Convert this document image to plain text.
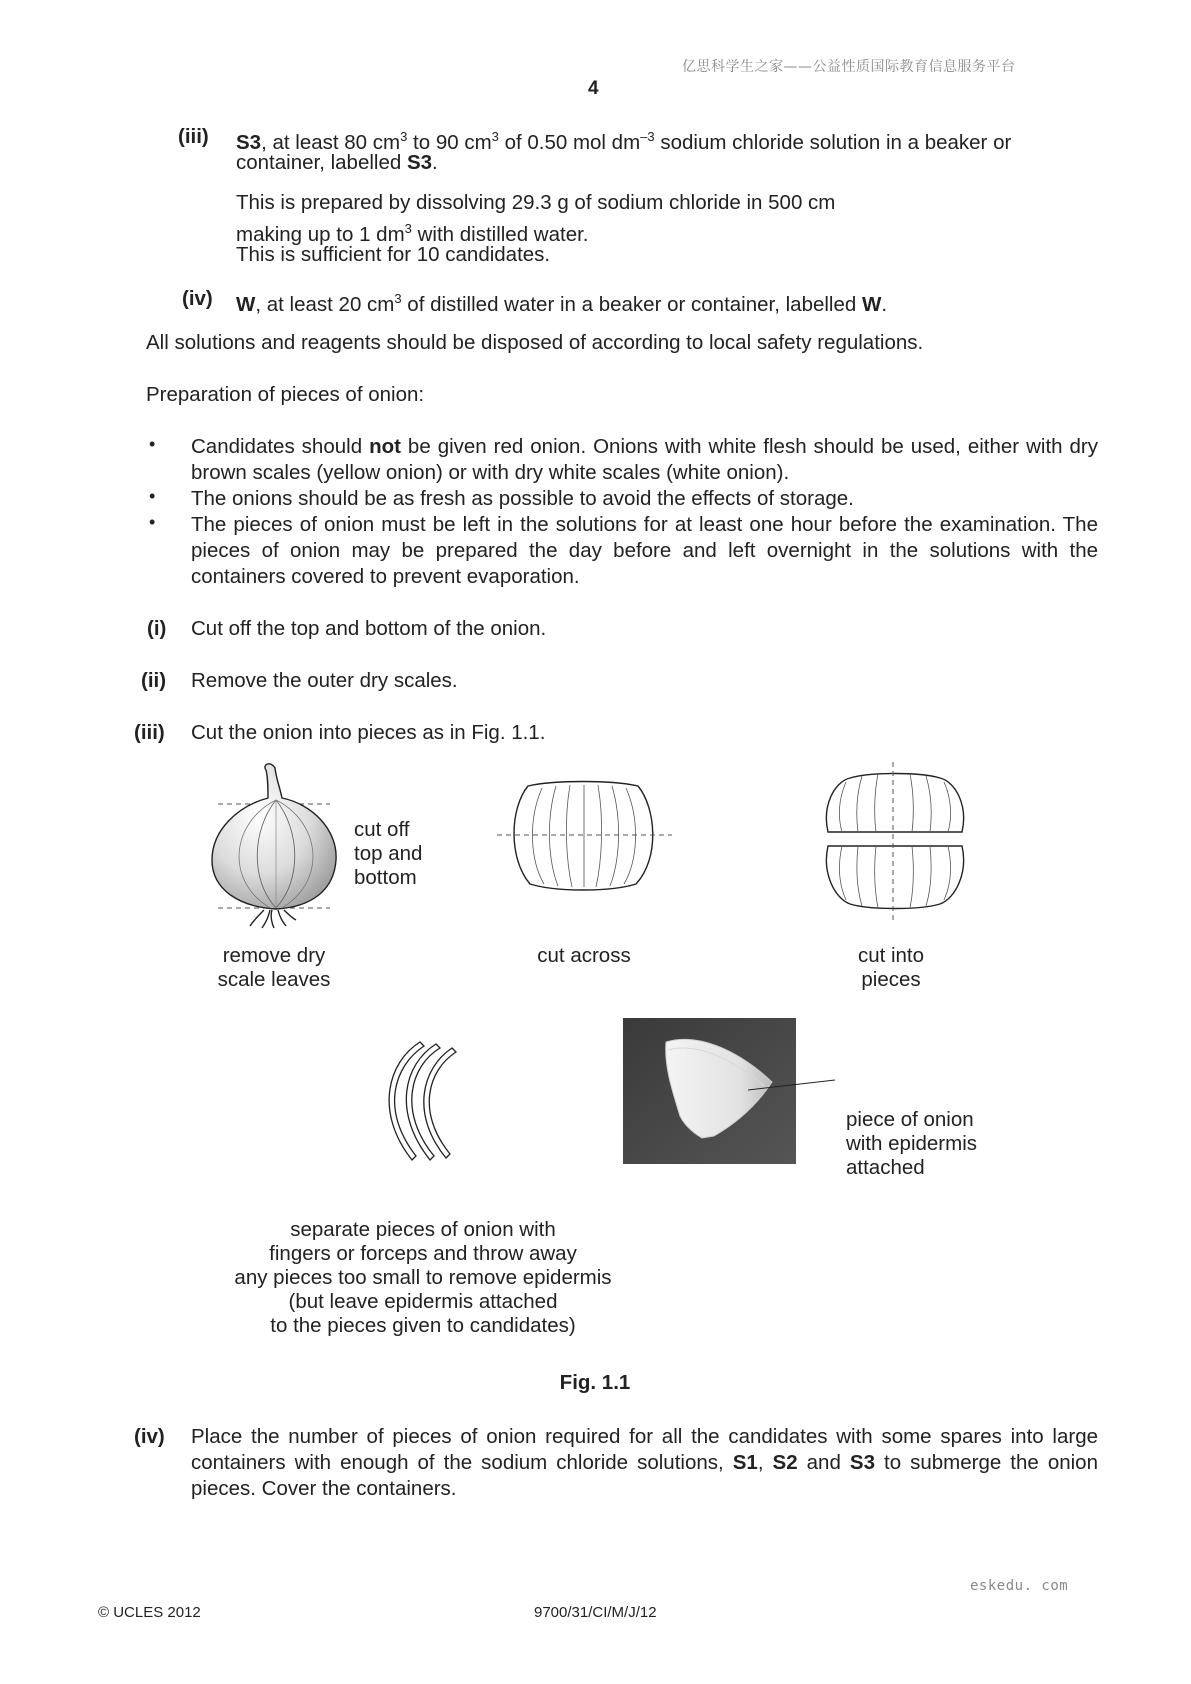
亿思科学生之家——公益性质国际教育信息服务平台
4
(iii) S3, at least 80 $cm^3$ to 90 $cm^3$ of 0.50 mol $dm^{-3}$ sodium chloride solution in a beaker or
container, labelled S3.
This is prepared by dissolving 29.3 g of sodium chloride in 500 cm
making up to 1 $dm^3$ with distilled water.
This is sufficient for 10 candidates.
(iv) W, at least 20 $cm^3$ of distilled water in a beaker or container, labelled W.
All solutions and reagents should be disposed of according to local safety regulations.
Preparation of pieces of onion:
• Candidates should not be given red onion. Onions with white flesh should be used, either with dry brown scales (yellow onion) or with dry white scales (white onion).
• The onions should be as fresh as possible to avoid the effects of storage.
• The pieces of onion must be left in the solutions for at least one hour before the examination. The pieces of onion may be prepared the day before and left overnight in the solutions with the containers covered to prevent evaporation.
(i) Cut off the top and bottom of the onion.
(ii) Remove the outer dry scales.
(iii) Cut the onion into pieces as in Fig. 1.1.
cut off
top and
bottom
remove dry
scale leaves
cut across	cut into
pieces
piece of onion
with epidermis
attached
separate pieces of onion with
fingers or forceps and throw away
any pieces too small to remove epidermis
(but leave epidermis attached
to the pieces given to candidates)
Fig. 1.1
(iv) Place the number of pieces of onion required for all the candidates with some spares into large containers with enough of the sodium chloride solutions, S1, S2 and S3 to submerge the onion pieces. Cover the containers.
eskedu. com
© UCLES 2012	9700/31/CI/M/J/12
